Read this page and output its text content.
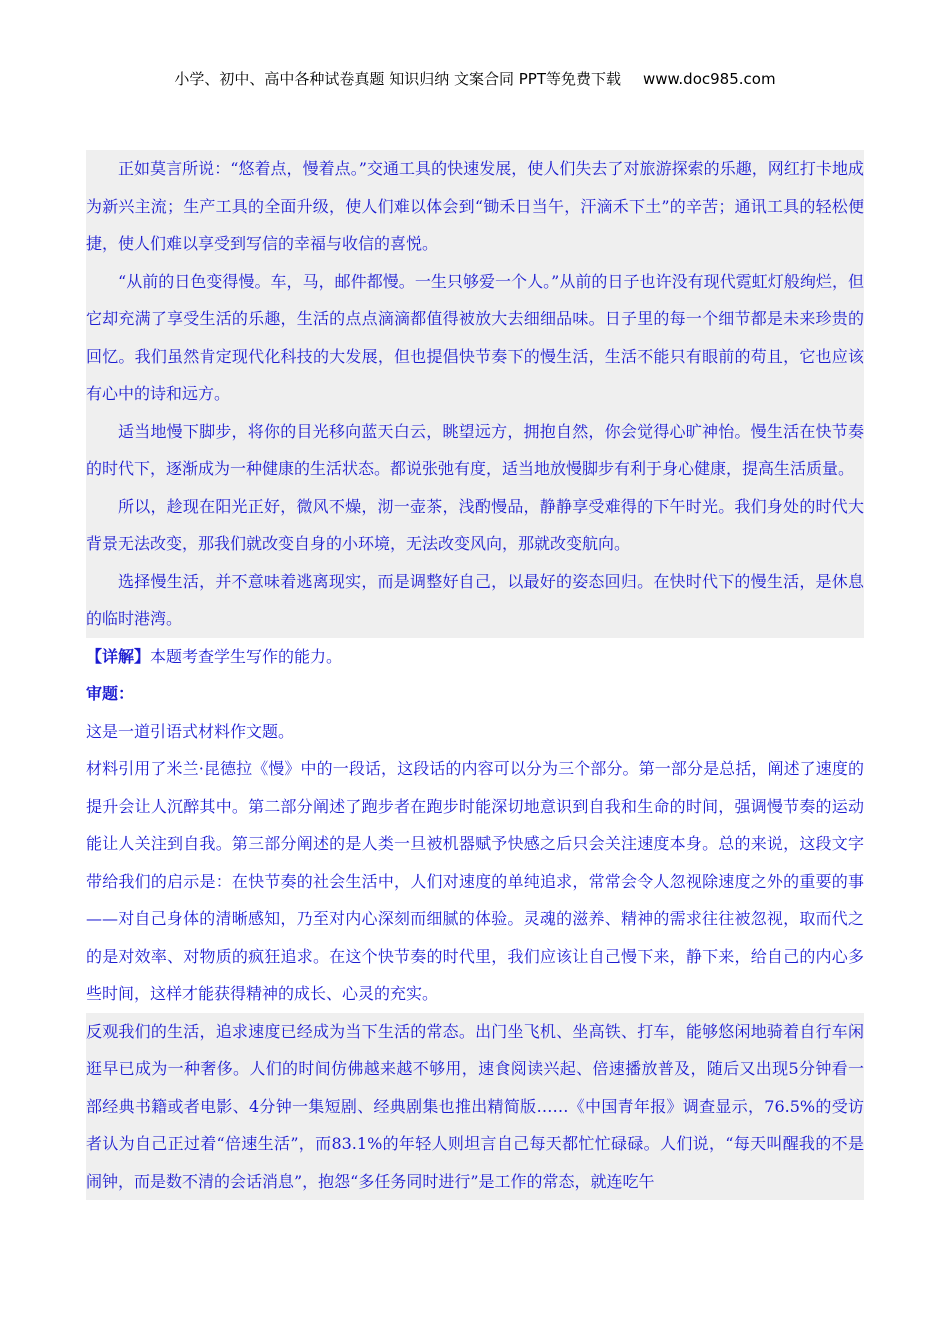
小学、初中、高中各种试卷真题 知识归纳 文案合同 PPT等免费下载 www.doc985.com

正如莫言所说：“悠着点，慢着点。”交通工具的快速发展，使人们失去了对旅游探索的乐趣，网红打卡地成为新兴主流；生产工具的全面升级，使人们难以体会到“锄禾日当午，汗滴禾下土”的辛苦；通讯工具的轻松便捷，使人们难以享受到写信的幸福与收信的喜悦。

“从前的日色变得慢。车，马，邮件都慢。一生只够爱一个人。”从前的日子也许没有现代霓虹灯般绚烂，但它却充满了享受生活的乐趣，生活的点点滴滴都值得被放大去细细品味。日子里的每一个细节都是未来珍贵的回忆。我们虽然肯定现代化科技的大发展，但也提倡快节奏下的慢生活，生活不能只有眼前的苟且，它也应该有心中的诗和远方。

适当地慢下脚步，将你的目光移向蓝天白云，眺望远方，拥抱自然，你会觉得心旷神怡。慢生活在快节奏的时代下，逐渐成为一种健康的生活状态。都说张弛有度，适当地放慢脚步有利于身心健康，提高生活质量。

所以，趁现在阳光正好，微风不燥，沏一壶茶，浅酌慢品，静静享受难得的下午时光。我们身处的时代大背景无法改变，那我们就改变自身的小环境，无法改变风向，那就改变航向。

选择慢生活，并不意味着逃离现实，而是调整好自己，以最好的姿态回归。在快时代下的慢生活，是休息的临时港湾。

【详解】本题考查学生写作的能力。

审题：

这是一道引语式材料作文题。

材料引用了米兰·昆德拉《慢》中的一段话，这段话的内容可以分为三个部分。第一部分是总括，阐述了速度的提升会让人沉醉其中。第二部分阐述了跑步者在跑步时能深切地意识到自我和生命的时间，强调慢节奏的运动能让人关注到自我。第三部分阐述的是人类一旦被机器赋予快感之后只会关注速度本身。总的来说，这段文字带给我们的启示是：在快节奏的社会生活中，人们对速度的单纯追求，常常会令人忽视除速度之外的重要的事——对自己身体的清晰感知，乃至对内心深刻而细腻的体验。灵魂的滋养、精神的需求往往被忽视，取而代之的是对效率、对物质的疯狂追求。在这个快节奏的时代里，我们应该让自己慢下来，静下来，给自己的内心多些时间，这样才能获得精神的成长、心灵的充实。

反观我们的生活，追求速度已经成为当下生活的常态。出门坐飞机、坐高铁、打车，能够悠闲地骑着自行车闲逛早已成为一种奢侈。人们的时间仿佛越来越不够用，速食阅读兴起、倍速播放普及，随后又出现5分钟看一部经典书籍或者电影、4分钟一集短剧、经典剧集也推出精简版……《中国青年报》调查显示，76.5%的受访者认为自己正过着“倍速生活”，而83.1%的年轻人则坦言自己每天都忙忙碌碌。人们说，“每天叫醒我的不是闹钟，而是数不清的会话消息”，抱怨“多任务同时进行”是工作的常态，就连吃午
